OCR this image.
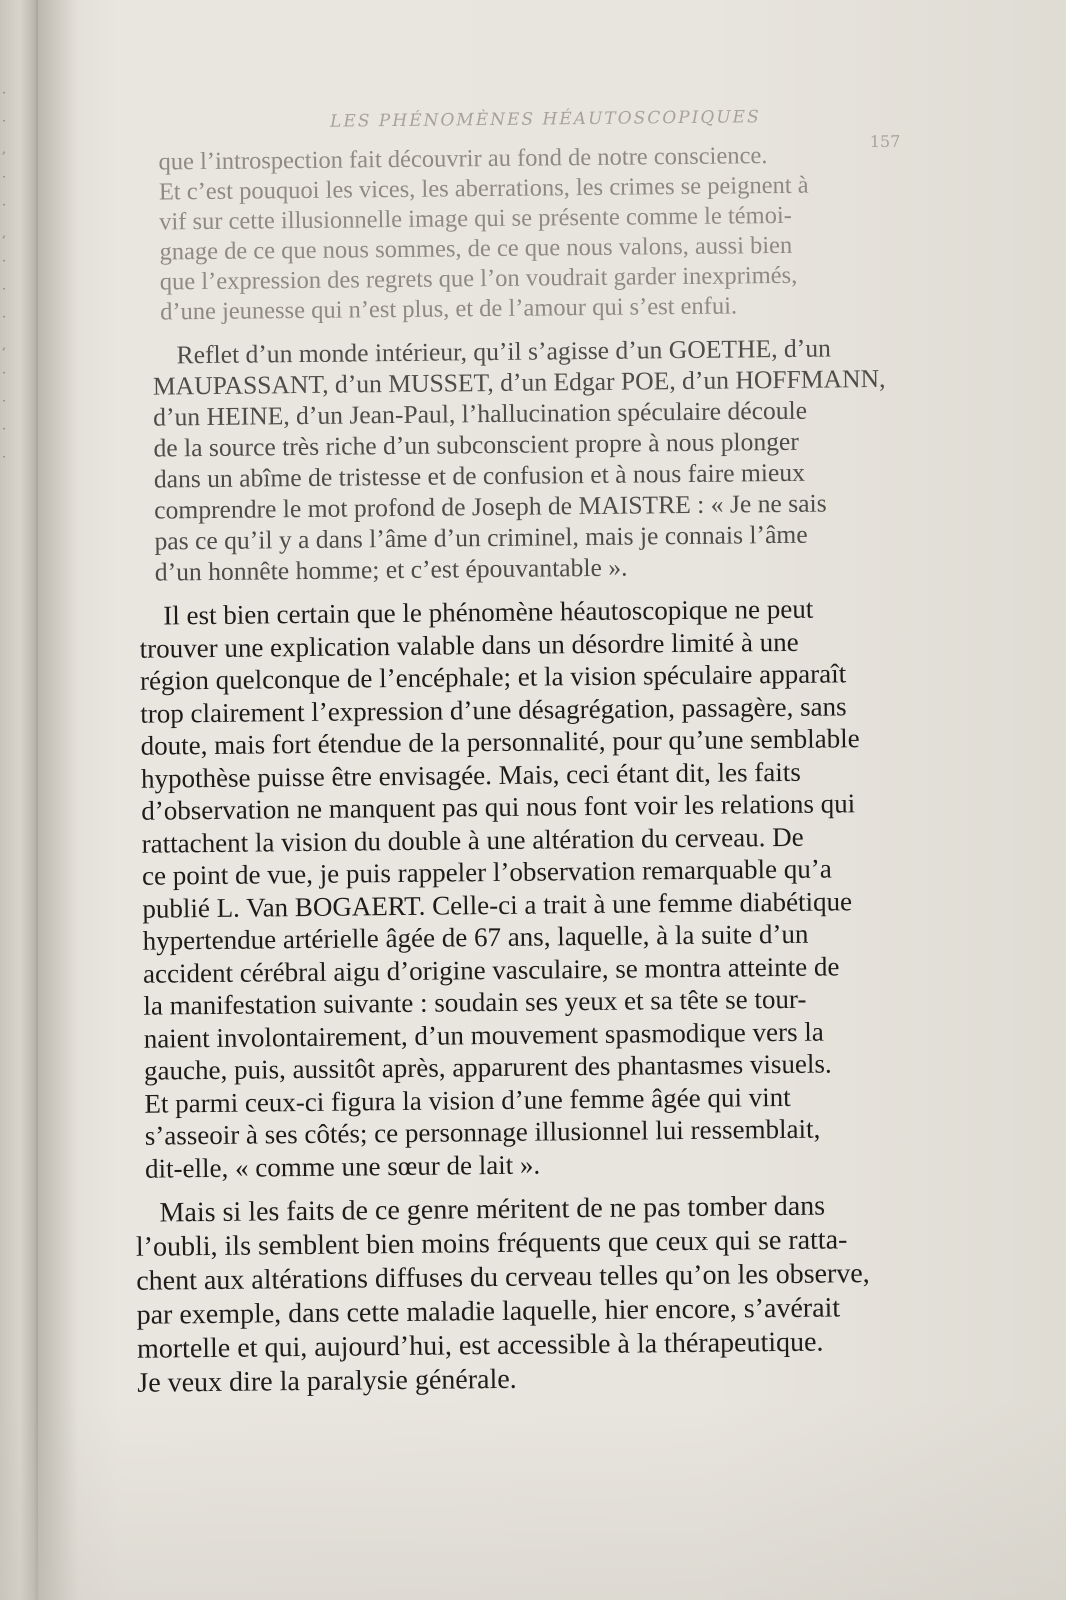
·
·
,
·
·
,
·
·
·
,
·
·
·
·
LES PHÉNOMÈNES HÉAUTOSCOPIQUES
157

que l’introspection fait découvrir au fond de notre conscience.
Et c’est pouquoi les vices, les aberrations, les crimes se peignent à
vif sur cette illusionnelle image qui se présente comme le témoi-
gnage de ce que nous sommes, de ce que nous valons, aussi bien
que l’expression des regrets que l’on voudrait garder inexprimés,
d’une jeunesse qui n’est plus, et de l’amour qui s’est enfui.

Reflet d’un monde intérieur, qu’il s’agisse d’un GOETHE, d’un
MAUPASSANT, d’un MUSSET, d’un Edgar POE, d’un HOFFMANN,
d’un HEINE, d’un Jean-Paul, l’hallucination spéculaire découle
de la source très riche d’un subconscient propre à nous plonger
dans un abîme de tristesse et de confusion et à nous faire mieux
comprendre le mot profond de Joseph de MAISTRE : « Je ne sais
pas ce qu’il y a dans l’âme d’un criminel, mais je connais l’âme
d’un honnête homme; et c’est épouvantable ».

Il est bien certain que le phénomène héautoscopique ne peut
trouver une explication valable dans un désordre limité à une
région quelconque de l’encéphale; et la vision spéculaire apparaît
trop clairement l’expression d’une désagrégation, passagère, sans
doute, mais fort étendue de la personnalité, pour qu’une semblable
hypothèse puisse être envisagée. Mais, ceci étant dit, les faits
d’observation ne manquent pas qui nous font voir les relations qui
rattachent la vision du double à une altération du cerveau. De
ce point de vue, je puis rappeler l’observation remarquable qu’a
publié L. Van BOGAERT. Celle-ci a trait à une femme diabétique
hypertendue artérielle âgée de 67 ans, laquelle, à la suite d’un
accident cérébral aigu d’origine vasculaire, se montra atteinte de
la manifestation suivante : soudain ses yeux et sa tête se tour-
naient involontairement, d’un mouvement spasmodique vers la
gauche, puis, aussitôt après, apparurent des phantasmes visuels.
Et parmi ceux-ci figura la vision d’une femme âgée qui vint
s’asseoir à ses côtés; ce personnage illusionnel lui ressemblait,
dit-elle, « comme une sœur de lait ».

Mais si les faits de ce genre méritent de ne pas tomber dans
l’oubli, ils semblent bien moins fréquents que ceux qui se ratta-
chent aux altérations diffuses du cerveau telles qu’on les observe,
par exemple, dans cette maladie laquelle, hier encore, s’avérait
mortelle et qui, aujourd’hui, est accessible à la thérapeutique.
Je veux dire la paralysie générale.
